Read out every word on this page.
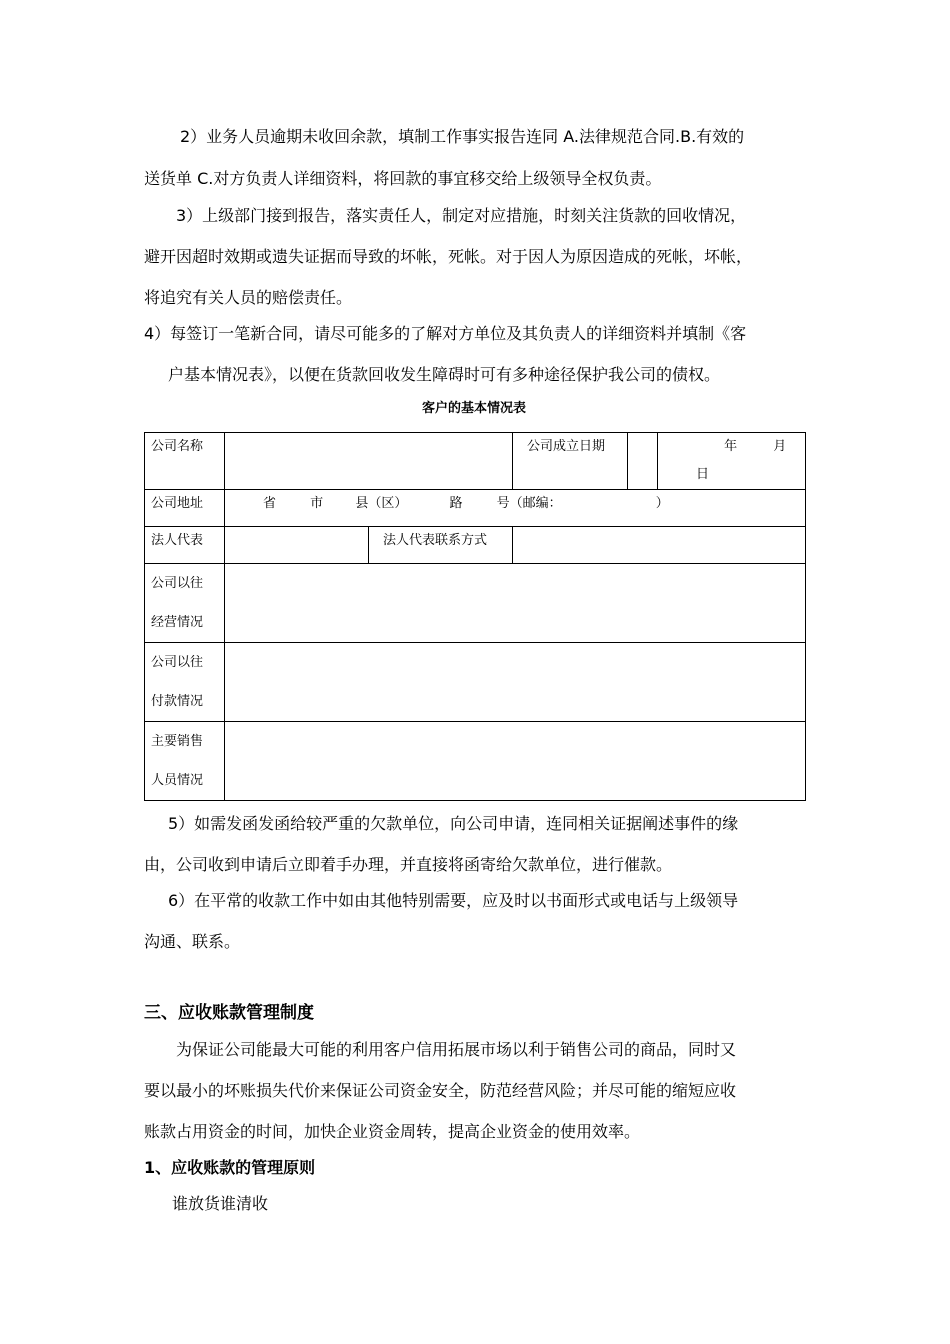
2）业务人员逾期未收回余款，填制工作事实报告连同 A.法律规范合同.B.有效的
送货单 C.对方负责人详细资料，将回款的事宜移交给上级领导全权负责。
3）上级部门接到报告，落实责任人，制定对应措施，时刻关注货款的回收情况，
避开因超时效期或遗失证据而导致的坏帐，死帐。对于因人为原因造成的死帐，坏帐，
将追究有关人员的赔偿责任。
4）每签订一笔新合同，请尽可能多的了解对方单位及其负责人的详细资料并填制《客
户基本情况表》，以便在货款回收发生障碍时可有多种途径保护我公司的债权。
客户的基本情况表
公司名称			公司成立日期	年 月 日
公司地址	省 市 县（区） 路 号（邮编： ）			
法人代表		法人代表联系方式		

公司以往
经营情况				

公司以往
付款情况				

主要销售
人员情况				

5）如需发函发函给较严重的欠款单位，向公司申请，连同相关证据阐述事件的缘
由，公司收到申请后立即着手办理，并直接将函寄给欠款单位，进行催款。
6）在平常的收款工作中如由其他特别需要，应及时以书面形式或电话与上级领导
沟通、联系。
三、应收账款管理制度
为保证公司能最大可能的利用客户信用拓展市场以利于销售公司的商品，同时又
要以最小的坏账损失代价来保证公司资金安全，防范经营风险；并尽可能的缩短应收
账款占用资金的时间，加快企业资金周转，提高企业资金的使用效率。
1、应收账款的管理原则
谁放货谁清收
